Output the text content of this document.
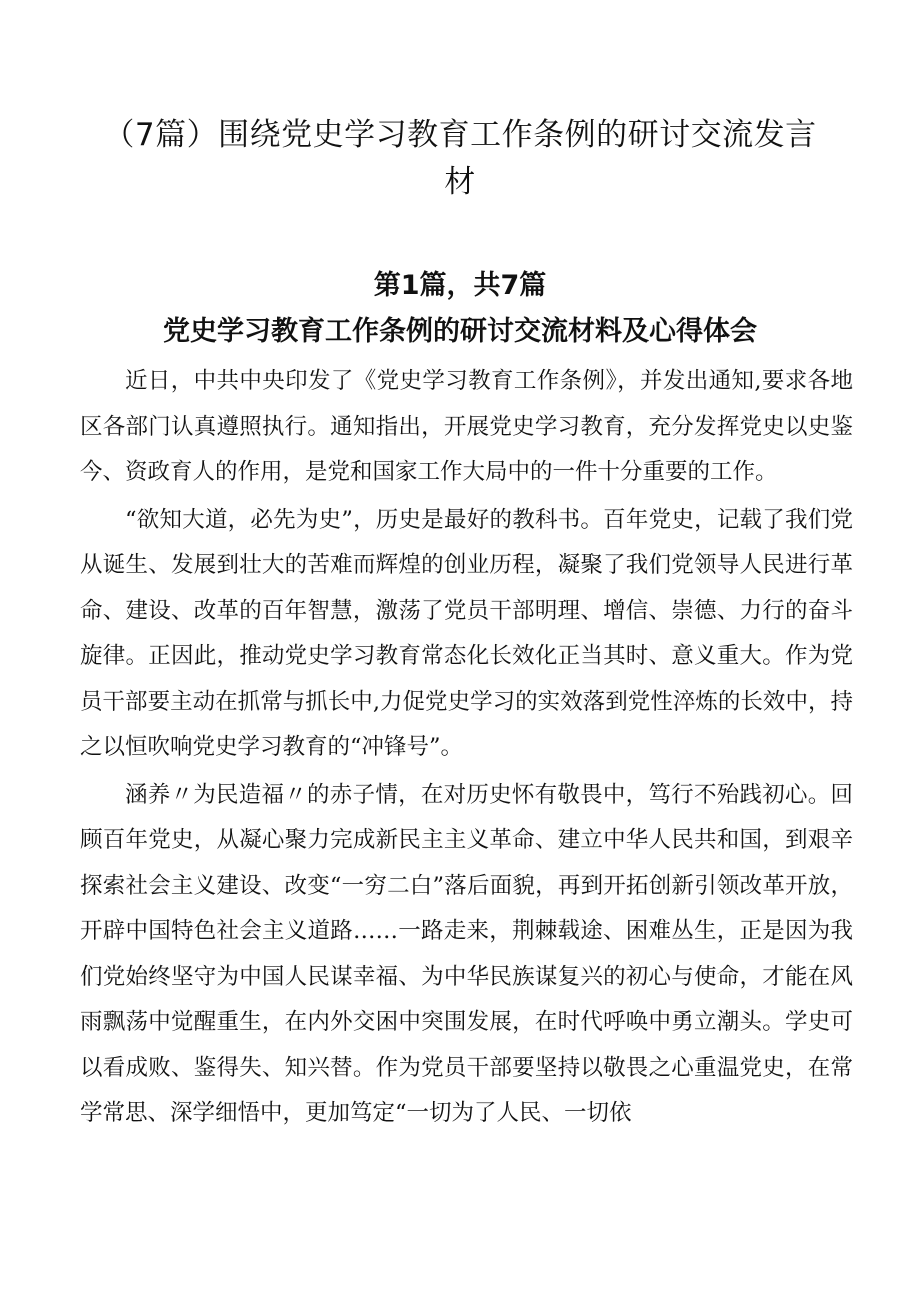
（7篇）围绕党史学习教育工作条例的研讨交流发言
材
第1篇，共7篇
党史学习教育工作条例的研讨交流材料及心得体会

近日，中共中央印发了《党史学习教育工作条例》，并发出通知,要求各地区各部门认真遵照执行。通知指出，开展党史学习教育，充分发挥党史以史鉴今、资政育人的作用，是党和国家工作大局中的一件十分重要的工作。

“欲知大道，必先为史”，历史是最好的教科书。百年党史，记载了我们党从诞生、发展到壮大的苦难而辉煌的创业历程，凝聚了我们党领导人民进行革命、建设、改革的百年智慧，激荡了党员干部明理、增信、崇德、力行的奋斗旋律。正因此，推动党史学习教育常态化长效化正当其时、意义重大。作为党员干部要主动在抓常与抓长中,力促党史学习的实效落到党性淬炼的长效中，持之以恒吹响党史学习教育的“冲锋号”。

涵养〃为民造福〃的赤子情，在对历史怀有敬畏中，笃行不殆践初心。回顾百年党史，从凝心聚力完成新民主主义革命、建立中华人民共和国，到艰辛探索社会主义建设、改变“一穷二白”落后面貌，再到开拓创新引领改革开放，开辟中国特色社会主义道路……一路走来，荆棘载途、困难丛生，正是因为我们党始终坚守为中国人民谋幸福、为中华民族谋复兴的初心与使命，才能在风雨飘荡中觉醒重生，在内外交困中突围发展，在时代呼唤中勇立潮头。学史可以看成败、鉴得失、知兴替。作为党员干部要坚持以敬畏之心重温党史，在常学常思、深学细悟中，更加笃定“一切为了人民、一切依
